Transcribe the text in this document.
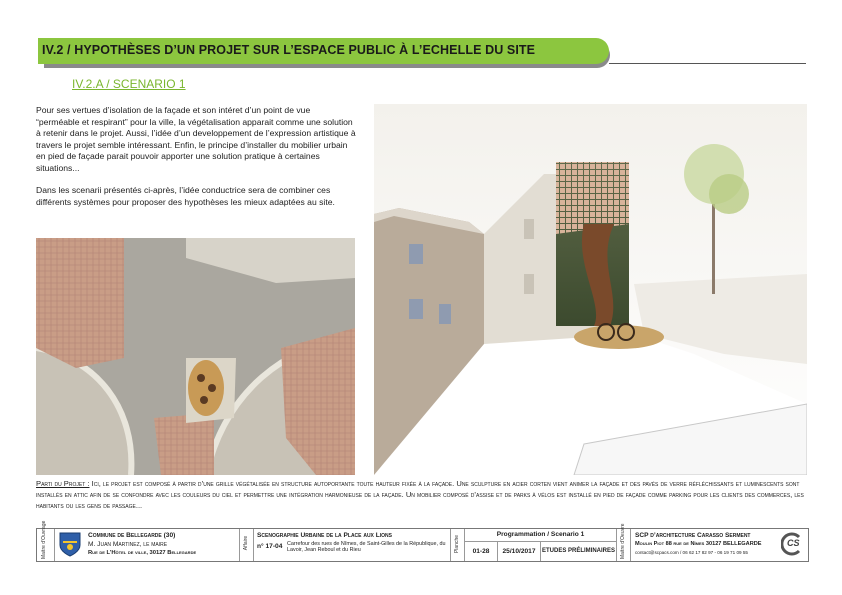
IV.2 / HYPOTHÈSES D’UN PROJET SUR L’ESPACE PUBLIC À L’ECHELLE DU SITE
IV.2.A / SCENARIO 1
Pour ses vertues d’isolation de la façade et son intéret d’un point de vue “perméable et respirant” pour la ville, la végétalisation apparait comme une solution à retenir dans le projet. Aussi, l’idée d’un developpement de l’expression artistique à travers le projet semble intéressant. Enfin, le principe d’installer du mobilier urbain en pied de façade parait pouvoir apporter une solution pratique à certaines situations...
Dans les scenarii présentés ci-après, l’idée conductrice sera de combiner ces différents systèmes pour proposer des hypothèses les mieux adaptées au site.
Parti du Projet : Ici, le projet est composé à partir d’une grille végétalisée en structure autoportante toute hauteur fixée à la façade. Une sculpture en acier corten vient animer la façade et des pavés de verre réfléchissants et luminescents sont installés en attic afin de se confondre avec les couleurs du ciel et permettre une intégration harmonieuse de la façade. Un mobilier composé d’assise et de parks à vélos est installé en pied de façade comme parking pour les clients des commerces, les habitants ou les gens de passage...
Maitre d’Ouvrage	Commune de Bellegarde (30)
M. Juan Martinez, le maire
Rue de L’Hôtel de ville, 30127 Bellegarde
Affaire
Scenographie Urbaine de la Place aux Lions
n° 17-04 Carrefour des rues de Nîmes, de Saint-Gilles de la République, du Lavoir, Jean Reboul et du Rieu	Planche
Programmation / Scenario 1
01-28	25/10/2017	ETUDES PRÉLIMINAIRES Maitre d’Oeuvre SCP d’architecture Carasso Serment
Moulin Piot 88 rue de Nîmes 30127 BELLEGARDE
contact@scpacs.com / 06 62 17 82 97 - 06 19 71 09 55
CS
